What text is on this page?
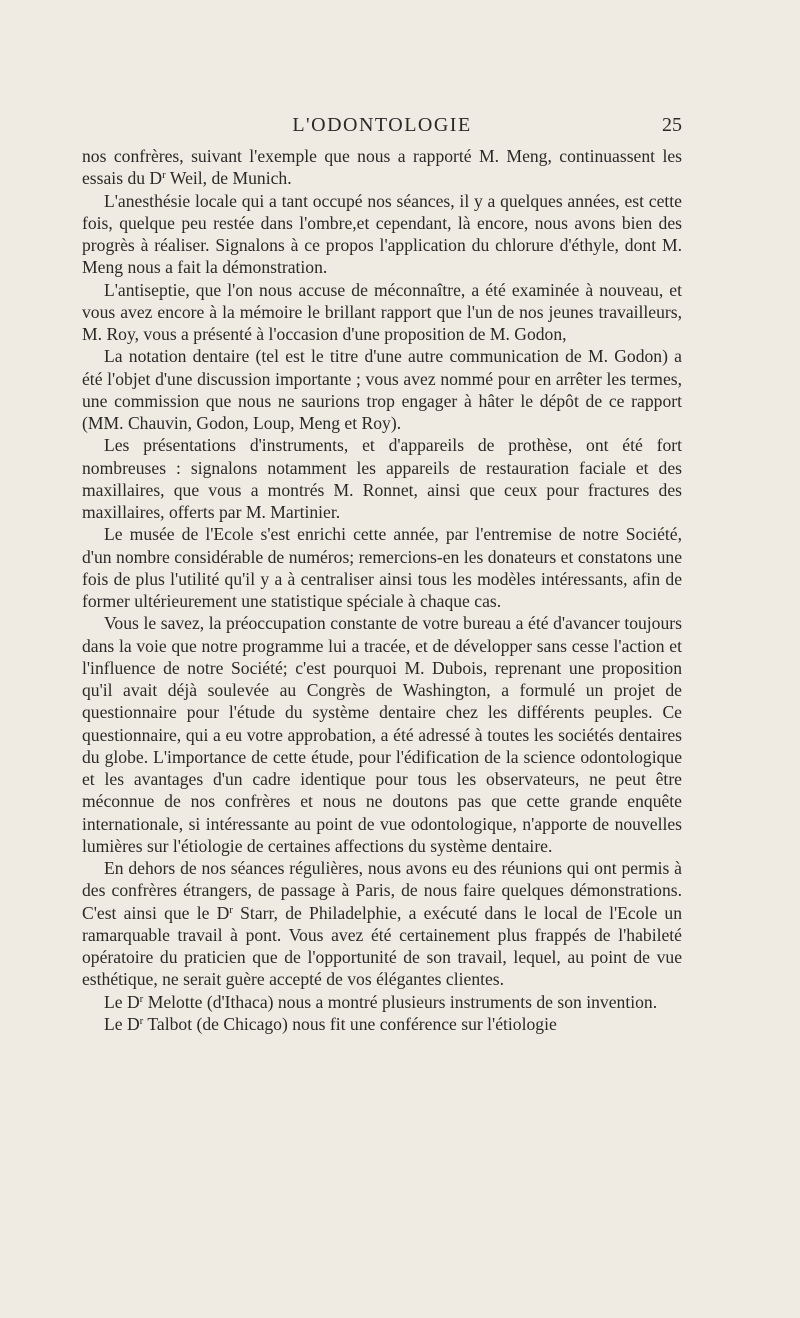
L'ODONTOLOGIE	25

nos confrères, suivant l'exemple que nous a rapporté M. Meng, continuassent les essais du $D^r$ Weil, de Munich.

L'anesthésie locale qui a tant occupé nos séances, il y a quelques années, est cette fois, quelque peu restée dans l'ombre,et cependant, là encore, nous avons bien des progrès à réaliser. Signalons à ce propos l'application du chlorure d'éthyle, dont M. Meng nous a fait la démonstration.

L'antiseptie, que l'on nous accuse de méconnaître, a été examinée à nouveau, et vous avez encore à la mémoire le brillant rapport que l'un de nos jeunes travailleurs, M. Roy, vous a présenté à l'occasion d'une proposition de M. Godon,

La notation dentaire (tel est le titre d'une autre communication de M. Godon) a été l'objet d'une discussion importante ; vous avez nommé pour en arrêter les termes, une commission que nous ne saurions trop engager à hâter le dépôt de ce rapport (MM. Chauvin, Godon, Loup, Meng et Roy).

Les présentations d'instruments, et d'appareils de prothèse, ont été fort nombreuses : signalons notamment les appareils de restauration faciale et des maxillaires, que vous a montrés M. Ronnet, ainsi que ceux pour fractures des maxillaires, offerts par M. Martinier.

Le musée de l'Ecole s'est enrichi cette année, par l'entremise de notre Société, d'un nombre considérable de numéros; remercions-en les donateurs et constatons une fois de plus l'utilité qu'il y a à centraliser ainsi tous les modèles intéressants, afin de former ultérieurement une statistique spéciale à chaque cas.

Vous le savez, la préoccupation constante de votre bureau a été d'avancer toujours dans la voie que notre programme lui a tracée, et de développer sans cesse l'action et l'influence de notre Société; c'est pourquoi M. Dubois, reprenant une proposition qu'il avait déjà soulevée au Congrès de Washington, a formulé un projet de questionnaire pour l'étude du système dentaire chez les différents peuples. Ce questionnaire, qui a eu votre approbation, a été adressé à toutes les sociétés dentaires du globe. L'importance de cette étude, pour l'édification de la science odontologique et les avantages d'un cadre identique pour tous les observateurs, ne peut être méconnue de nos confrères et nous ne doutons pas que cette grande enquête internationale, si intéressante au point de vue odontologique, n'apporte de nouvelles lumières sur l'étiologie de certaines affections du système dentaire.

En dehors de nos séances régulières, nous avons eu des réunions qui ont permis à des confrères étrangers, de passage à Paris, de nous faire quelques démonstrations. C'est ainsi que le $D^r$ Starr, de Philadelphie, a exécuté dans le local de l'Ecole un ramarquable travail à pont. Vous avez été certainement plus frappés de l'habileté opératoire du praticien que de l'opportunité de son travail, lequel, au point de vue esthétique, ne serait guère accepté de vos élégantes clientes.

Le $D^r$ Melotte (d'Ithaca) nous a montré plusieurs instruments de son invention.

Le $D^r$ Talbot (de Chicago) nous fit une conférence sur l'étiologie
